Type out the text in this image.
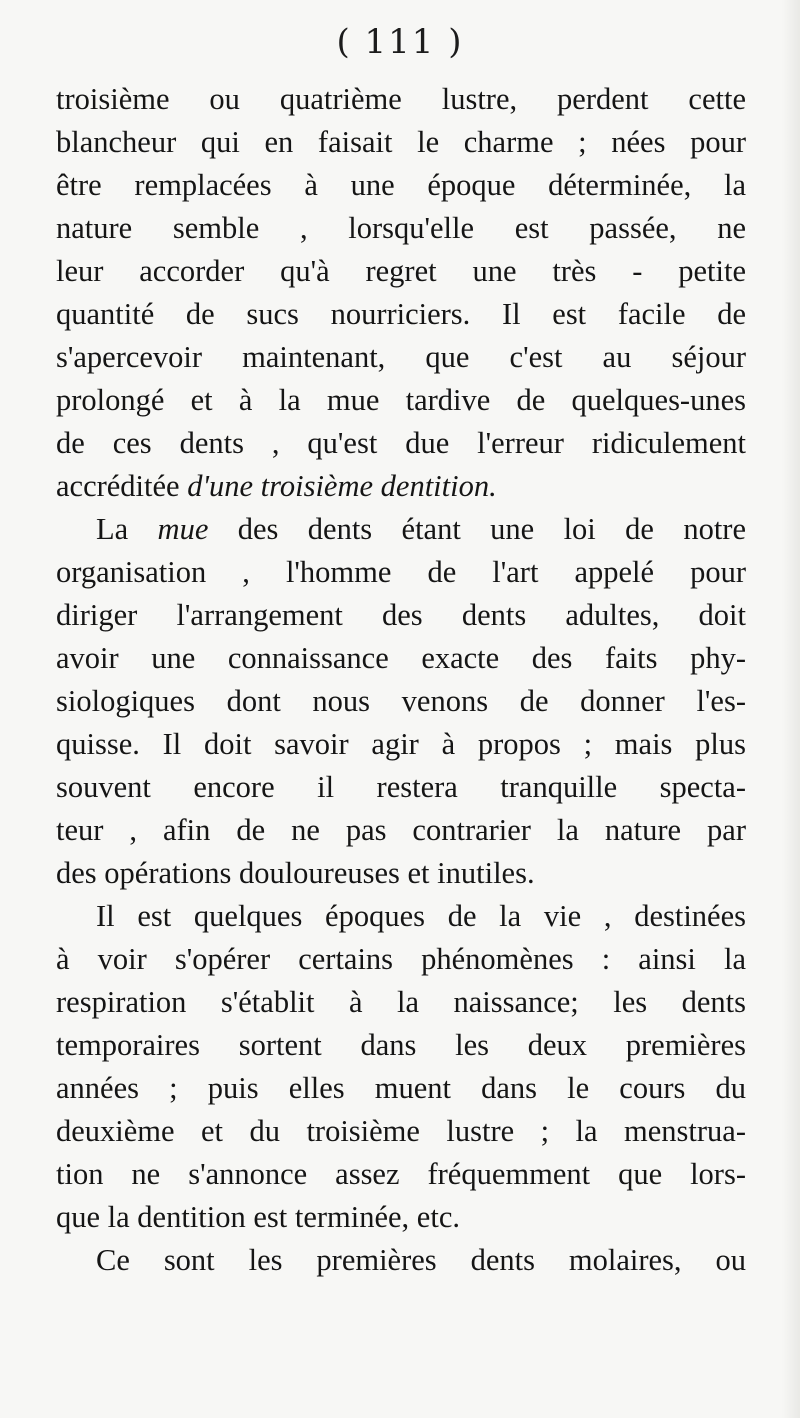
( 111 )
troisième ou quatrième lustre, perdent cette
blancheur qui en faisait le charme ; nées pour
être remplacées à une époque déterminée, la
nature semble , lorsqu'elle est passée, ne
leur accorder qu'à regret une très - petite
quantité de sucs nourriciers. Il est facile de
s'apercevoir maintenant, que c'est au séjour
prolongé et à la mue tardive de quelques-unes
de ces dents , qu'est due l'erreur ridiculement
accréditée d'une troisième dentition.
La mue des dents étant une loi de notre
organisation , l'homme de l'art appelé pour
diriger l'arrangement des dents adultes, doit
avoir une connaissance exacte des faits phy-
siologiques dont nous venons de donner l'es-
quisse. Il doit savoir agir à propos ; mais plus
souvent encore il restera tranquille specta-
teur , afin de ne pas contrarier la nature par
des opérations douloureuses et inutiles.
Il est quelques époques de la vie , destinées
à voir s'opérer certains phénomènes : ainsi la
respiration s'établit à la naissance; les dents
temporaires sortent dans les deux premières
années ; puis elles muent dans le cours du
deuxième et du troisième lustre ; la menstrua-
tion ne s'annonce assez fréquemment que lors-
que la dentition est terminée, etc.
Ce sont les premières dents molaires, ou
